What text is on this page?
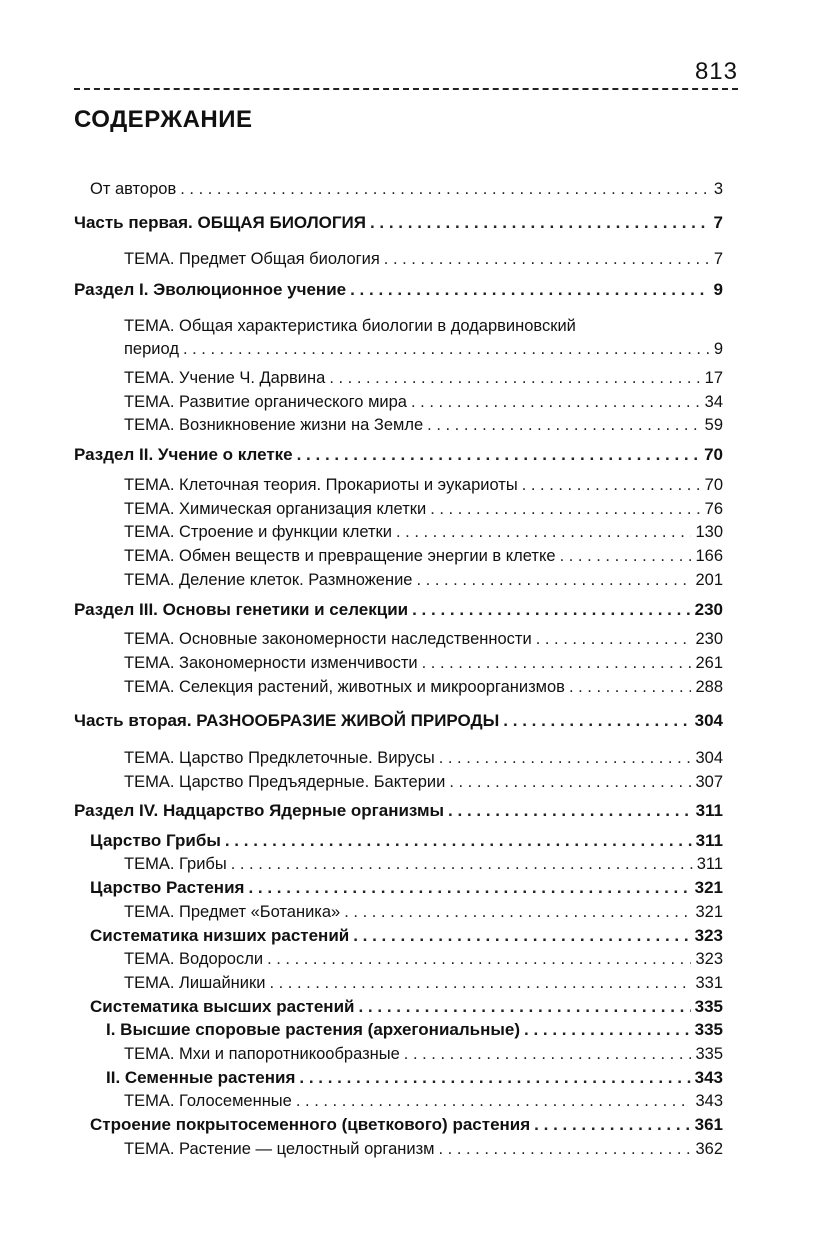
813
СОДЕРЖАНИЕ
От авторов . . .	3
Часть первая. ОБЩАЯ БИОЛОГИЯ . . .	7
ТЕМА. Предмет Общая биология . . .	7
Раздел I. Эволюционное учение . . .	9
ТЕМА. Общая характеристика биологии в додарвиновский
период . . .	9
ТЕМА. Учение Ч. Дарвина . . .	17
ТЕМА. Развитие органического мира . . .	34
ТЕМА. Возникновение жизни на Земле . . .	59
Раздел II. Учение о клетке . . .	70
ТЕМА. Клеточная теория. Прокариоты и эукариоты . . .	70
ТЕМА. Химическая организация клетки . . .	76
ТЕМА. Строение и функции клетки . . .	130
ТЕМА. Обмен веществ и превращение энергии в клетке . . .	166
ТЕМА. Деление клеток. Размножение . . .	201
Раздел III. Основы генетики и селекции . . .	230
ТЕМА. Основные закономерности наследственности . . .	230
ТЕМА. Закономерности изменчивости . . .	261
ТЕМА. Селекция растений, животных и микроорганизмов . . .	288
Часть вторая. РАЗНООБРАЗИЕ ЖИВОЙ ПРИРОДЫ . . .	304
ТЕМА. Царство Предклеточные. Вирусы . . .	304
ТЕМА. Царство Предъядерные. Бактерии . . .	307
Раздел IV. Надцарство Ядерные организмы . . .	311
Царство Грибы . . .	311
ТЕМА. Грибы . . .	311
Царство Растения . . .	321
ТЕМА. Предмет «Ботаника» . . .	321
Систематика низших растений . . .	323
ТЕМА. Водоросли . . .	323
ТЕМА. Лишайники . . .	331
Систематика высших растений . . .	335
I. Высшие споровые растения (архегониальные) . . .	335
ТЕМА. Мхи и папоротникообразные . . .	335
II. Семенные растения . . .	343
ТЕМА. Голосеменные . . .	343
Строение покрытосеменного (цветкового) растения . . .	361
ТЕМА. Растение — целостный организм . . .	362
